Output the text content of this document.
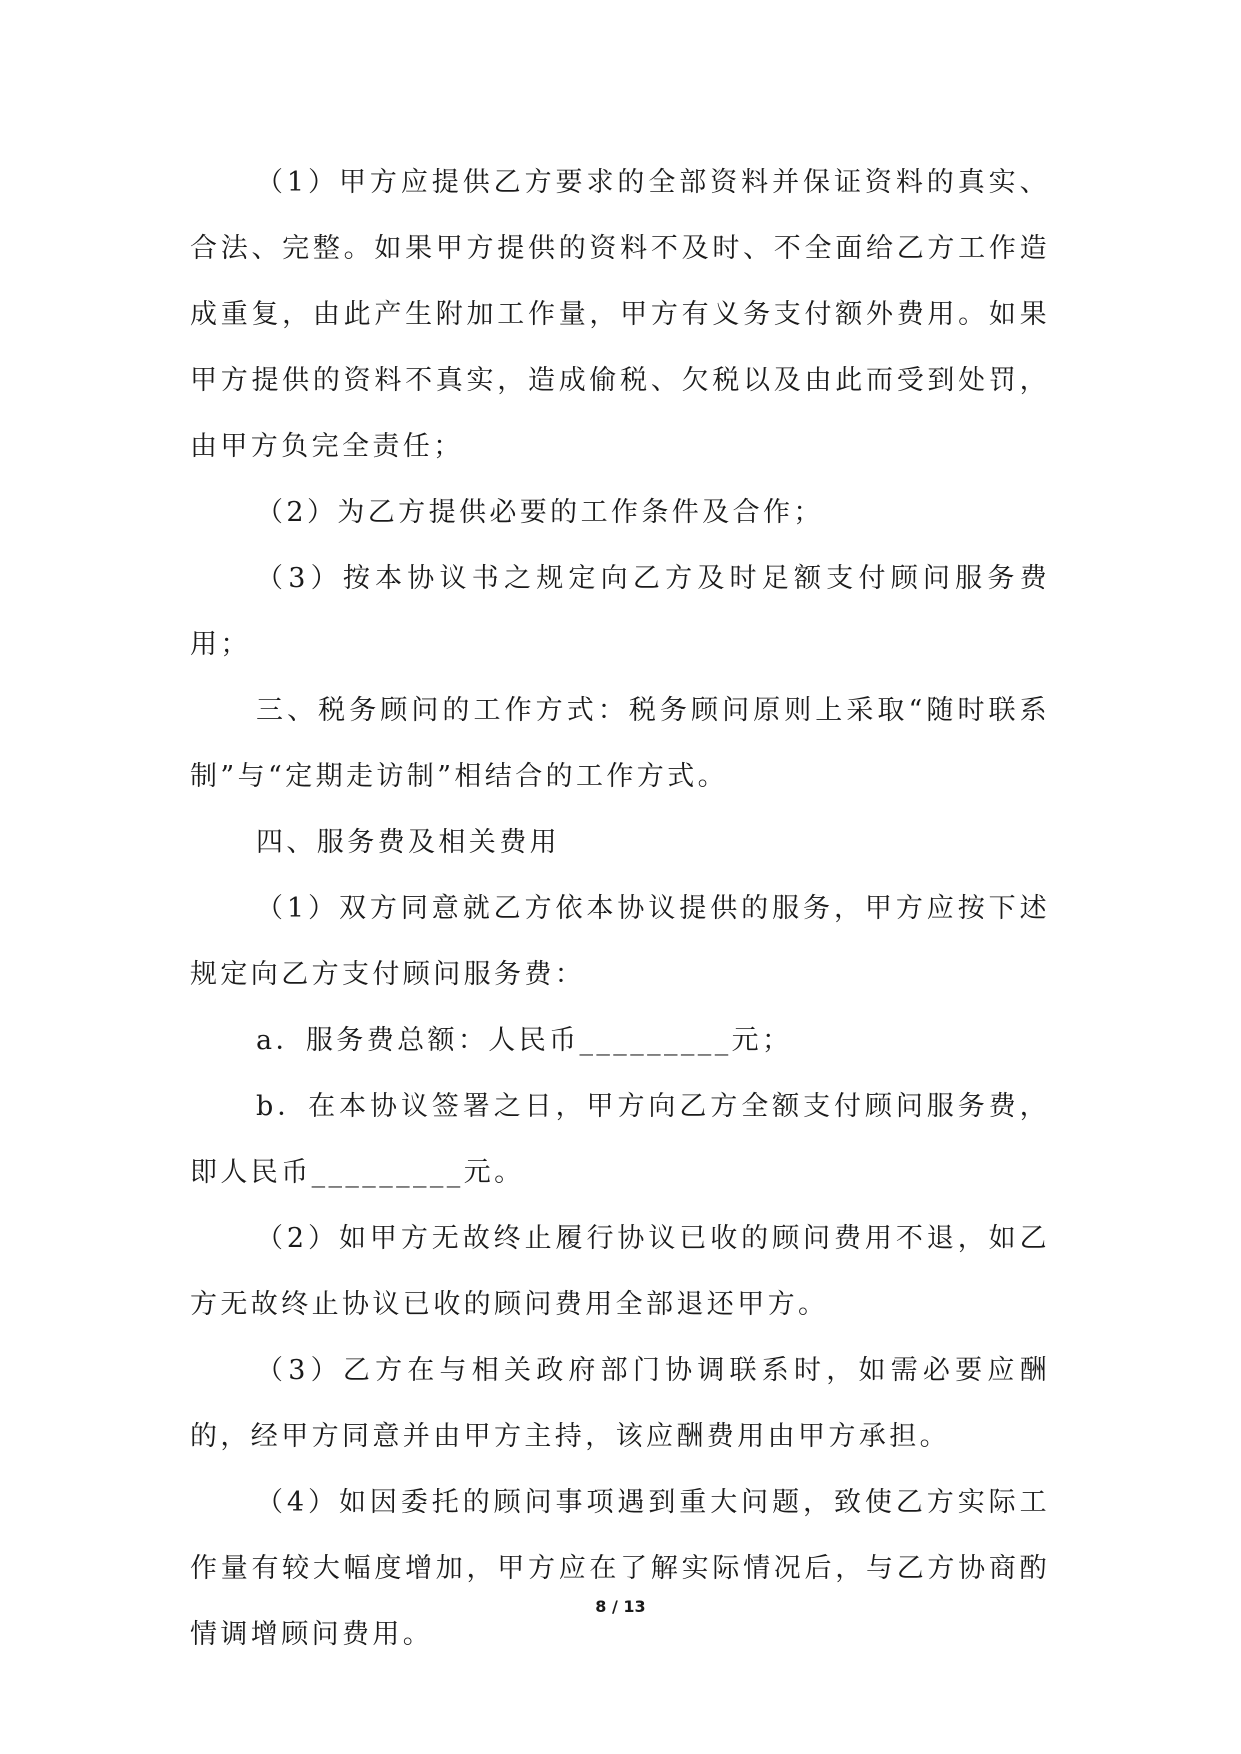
（1）甲方应提供乙方要求的全部资料并保证资料的真实、合法、完整。如果甲方提供的资料不及时、不全面给乙方工作造成重复，由此产生附加工作量，甲方有义务支付额外费用。如果甲方提供的资料不真实，造成偷税、欠税以及由此而受到处罚，由甲方负完全责任；

（2）为乙方提供必要的工作条件及合作；

（3）按本协议书之规定向乙方及时足额支付顾问服务费用；

三、税务顾问的工作方式：税务顾问原则上采取“随时联系制”与“定期走访制”相结合的工作方式。

四、服务费及相关费用

（1）双方同意就乙方依本协议提供的服务，甲方应按下述规定向乙方支付顾问服务费：

a．服务费总额：人民币_________元；

b．在本协议签署之日，甲方向乙方全额支付顾问服务费，即人民币_________元。

（2）如甲方无故终止履行协议已收的顾问费用不退，如乙方无故终止协议已收的顾问费用全部退还甲方。

（3）乙方在与相关政府部门协调联系时，如需必要应酬的，经甲方同意并由甲方主持，该应酬费用由甲方承担。

（4）如因委托的顾问事项遇到重大问题，致使乙方实际工作量有较大幅度增加，甲方应在了解实际情况后，与乙方协商酌情调增顾问费用。

8 / 13
